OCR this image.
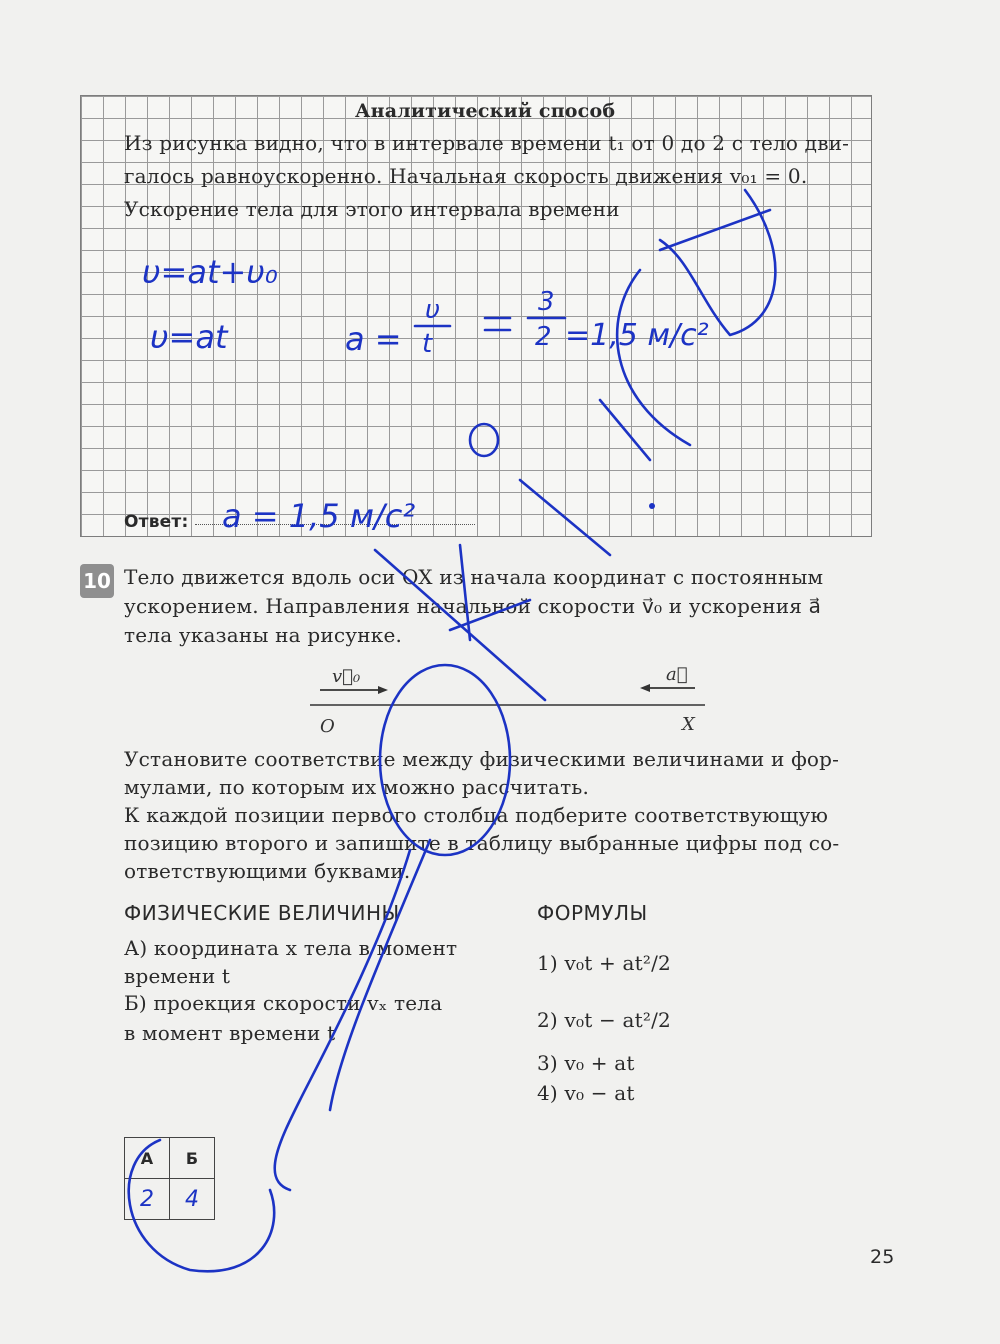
Аналитический способ
Из рисунка видно, что в интервале времени t₁ от 0 до 2 с тело дви-
галось равноускоренно. Начальная скорость движения v₀₁ = 0.
Ускорение тела для этого интервала времени
Ответ:
10 Тело движется вдоль оси OX из начала координат с постоянным
ускорением. Направления начальной скорости v⃗₀ и ускорения a⃗
тела указаны на рисунке.
v⃗₀	a⃗
O	X
Установите соответствие между физическими величинами и фор-
мулами, по которым их можно рассчитать.
К каждой позиции первого столбца подберите соответствующую
позицию второго и запишите в таблицу выбранные цифры под со-
ответствующими буквами.
ФИЗИЧЕСКИЕ ВЕЛИЧИНЫ	ФОРМУЛЫ
А) координата x тела в момент
времени t
Б) проекция скорости vₓ тела
в момент времени t
1) v₀t + at²/2
2) v₀t − at²/2
3) v₀ + at
4) v₀ − at
А	Б
2	4
25
υ=at+υ₀
υ=at	a =
υ
t
3
2 =1,5 м/с²
a = 1,5 м/с²
